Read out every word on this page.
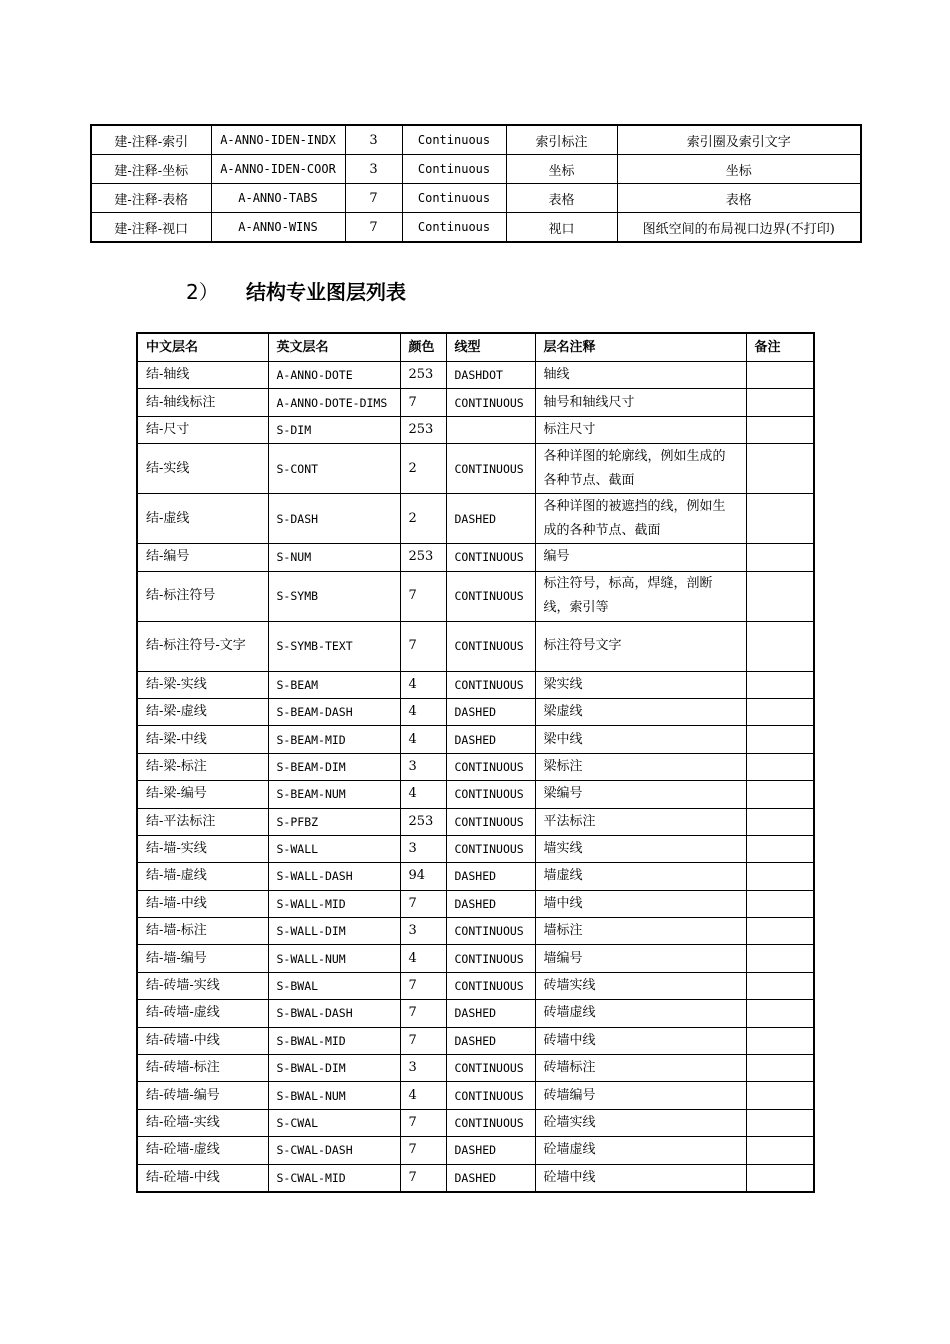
建-注释-索引	A-ANNO-IDEN-INDX	3	Continuous	索引标注	索引圈及索引文字
建-注释-坐标	A-ANNO-IDEN-COOR	3	Continuous	坐标	坐标
建-注释-表格	A-ANNO-TABS	7	Continuous	表格	表格
建-注释-视口	A-ANNO-WINS	7	Continuous	视口	图纸空间的布局视口边界(不打印)
2） 结构专业图层列表
中文层名	英文层名	颜色	线型	层名注释	备注
结-轴线	A-ANNO-DOTE	253	DASHDOT	轴线	
结-轴线标注	A-ANNO-DOTE-DIMS	7	CONTINUOUS	轴号和轴线尺寸	
结-尺寸	S-DIM	253		标注尺寸	
结-实线	S-CONT	2	CONTINUOUS	各种详图的轮廓线，例如生成的各种节点、截面	
结-虚线	S-DASH	2	DASHED	各种详图的被遮挡的线，例如生成的各种节点、截面	
结-编号	S-NUM	253	CONTINUOUS	编号	
结-标注符号	S-SYMB	7	CONTINUOUS	标注符号，标高，焊缝，剖断线，索引等	
结-标注符号-文字	S-SYMB-TEXT	7	CONTINUOUS	标注符号文字	
结-梁-实线	S-BEAM	4	CONTINUOUS	梁实线	
结-梁-虚线	S-BEAM-DASH	4	DASHED	梁虚线	
结-梁-中线	S-BEAM-MID	4	DASHED	梁中线	
结-梁-标注	S-BEAM-DIM	3	CONTINUOUS	梁标注	
结-梁-编号	S-BEAM-NUM	4	CONTINUOUS	梁编号	
结-平法标注	S-PFBZ	253	CONTINUOUS	平法标注	
结-墙-实线	S-WALL	3	CONTINUOUS	墙实线	
结-墙-虚线	S-WALL-DASH	94	DASHED	墙虚线	
结-墙-中线	S-WALL-MID	7	DASHED	墙中线	
结-墙-标注	S-WALL-DIM	3	CONTINUOUS	墙标注	
结-墙-编号	S-WALL-NUM	4	CONTINUOUS	墙编号	
结-砖墙-实线	S-BWAL	7	CONTINUOUS	砖墙实线	
结-砖墙-虚线	S-BWAL-DASH	7	DASHED	砖墙虚线	
结-砖墙-中线	S-BWAL-MID	7	DASHED	砖墙中线	
结-砖墙-标注	S-BWAL-DIM	3	CONTINUOUS	砖墙标注	
结-砖墙-编号	S-BWAL-NUM	4	CONTINUOUS	砖墙编号	
结-砼墙-实线	S-CWAL	7	CONTINUOUS	砼墙实线	
结-砼墙-虚线	S-CWAL-DASH	7	DASHED	砼墙虚线	
结-砼墙-中线	S-CWAL-MID	7	DASHED	砼墙中线	
